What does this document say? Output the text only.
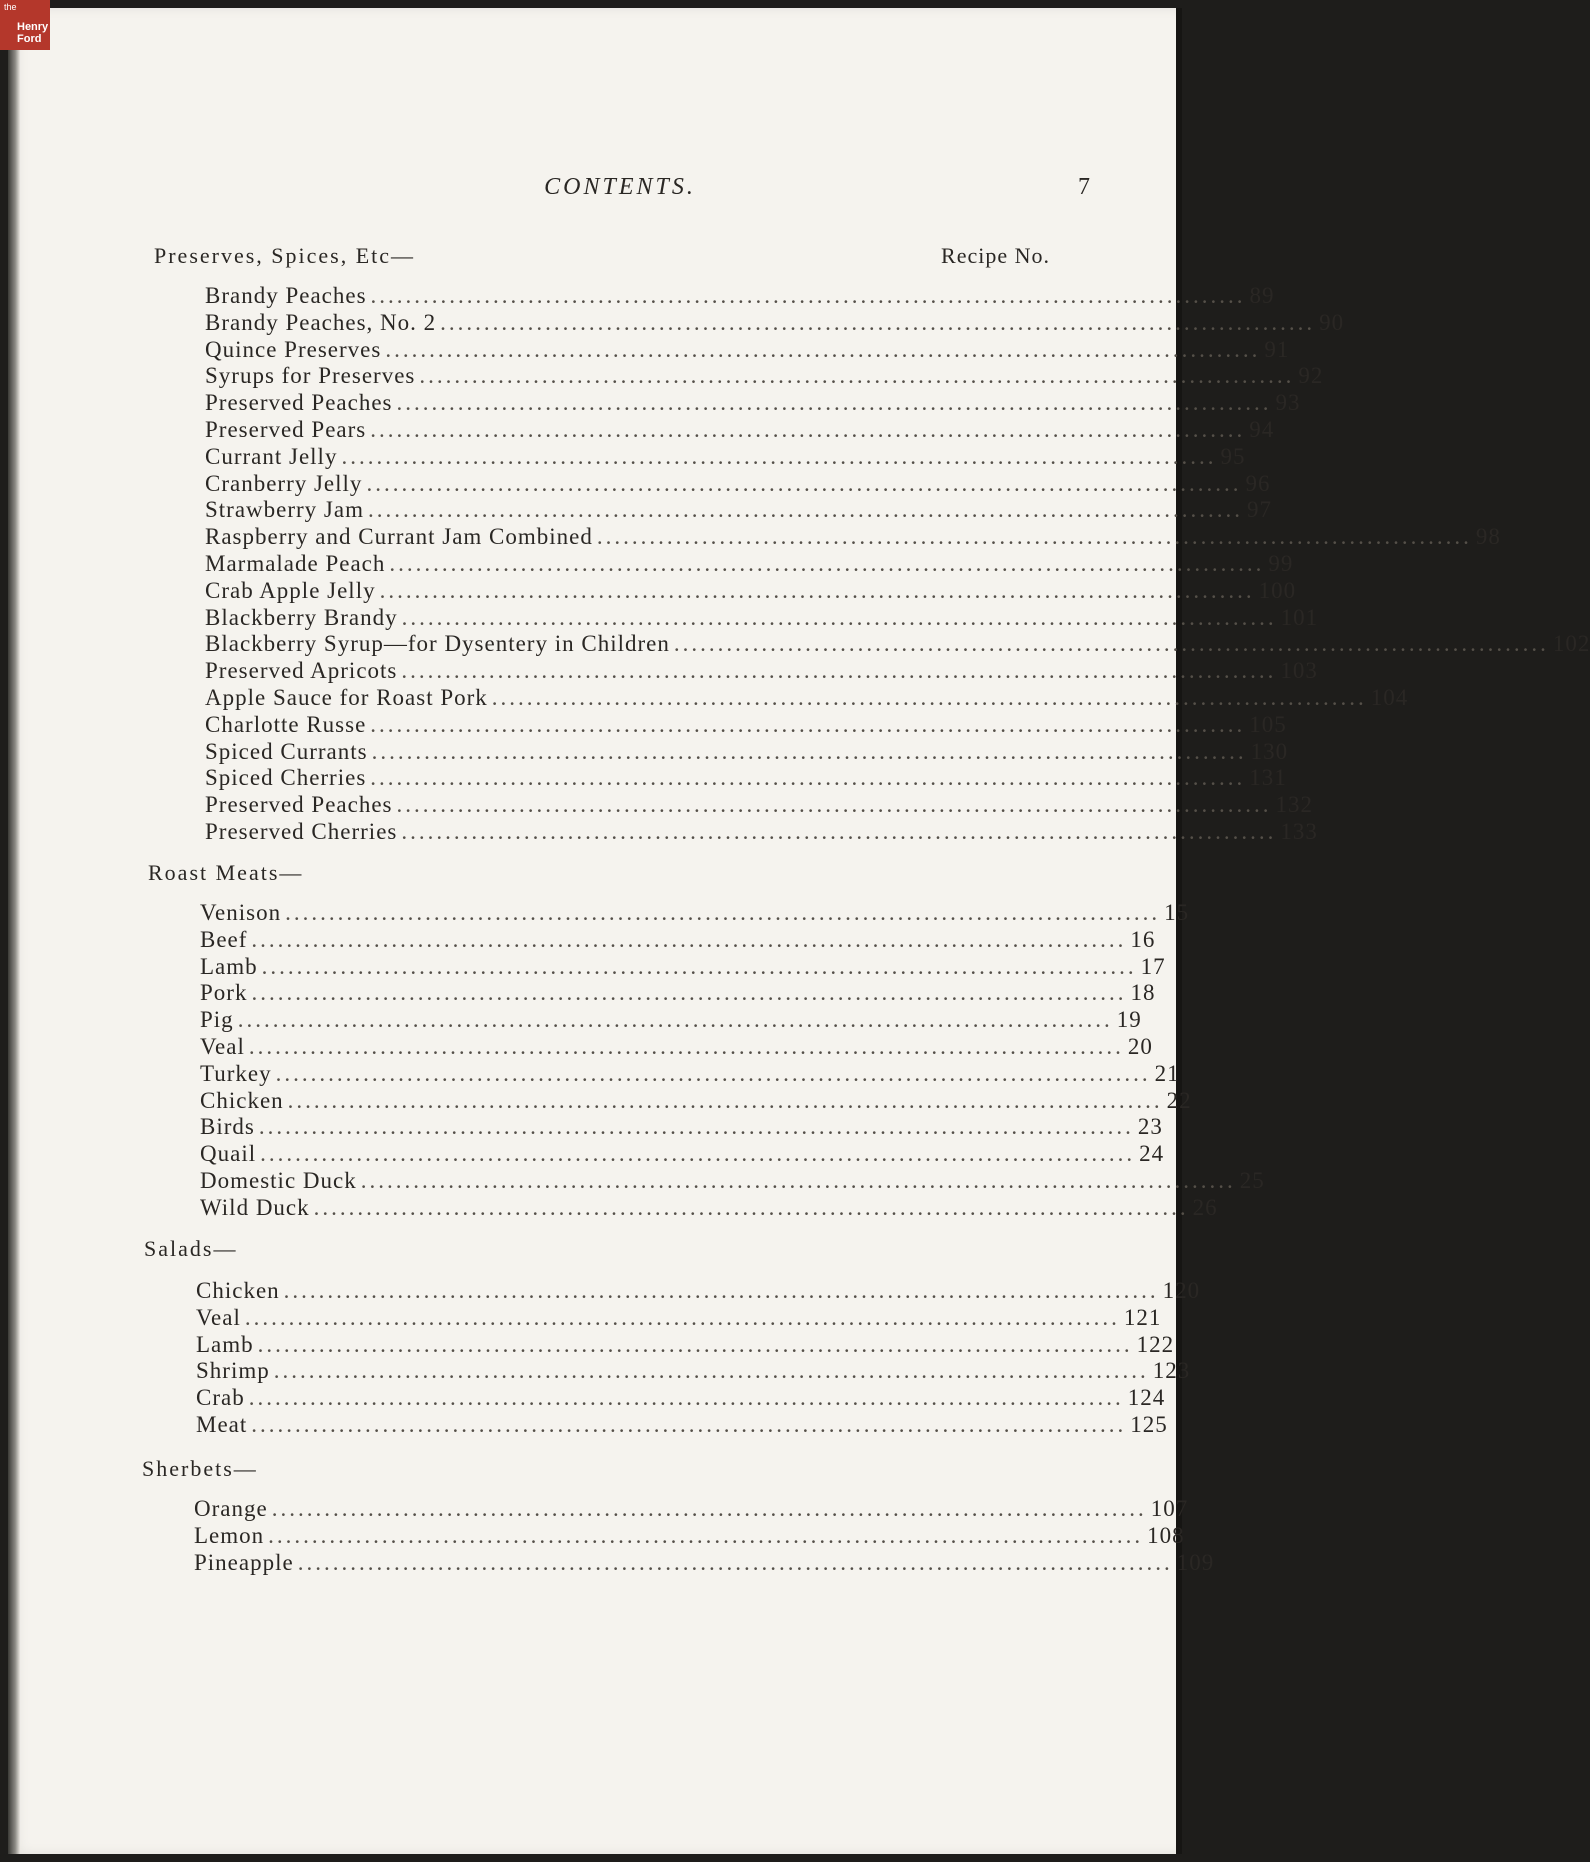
the
Henry
Ford
CONTENTS.	7
Preserves, Spices, Etc—	Recipe No.
Brandy Peaches .................................................................................................... 89
Brandy Peaches, No. 2 .................................................................................................... 90
Quince Preserves .................................................................................................... 91
Syrups for Preserves .................................................................................................... 92
Preserved Peaches .................................................................................................... 93
Preserved Pears .................................................................................................... 94
Currant Jelly .................................................................................................... 95
Cranberry Jelly .................................................................................................... 96
Strawberry Jam .................................................................................................... 97
Raspberry and Currant Jam Combined .................................................................................................... 98
Marmalade Peach .................................................................................................... 99
Crab Apple Jelly .................................................................................................... 100
Blackberry Brandy .................................................................................................... 101
Blackberry Syrup—for Dysentery in Children .................................................................................................... 102
Preserved Apricots .................................................................................................... 103
Apple Sauce for Roast Pork .................................................................................................... 104
Charlotte Russe .................................................................................................... 105
Spiced Currants .................................................................................................... 130
Spiced Cherries .................................................................................................... 131
Preserved Peaches .................................................................................................... 132
Preserved Cherries .................................................................................................... 133
Roast Meats—
Venison .................................................................................................... 15
Beef .................................................................................................... 16
Lamb .................................................................................................... 17
Pork .................................................................................................... 18
Pig .................................................................................................... 19
Veal .................................................................................................... 20
Turkey .................................................................................................... 21
Chicken .................................................................................................... 22
Birds .................................................................................................... 23
Quail .................................................................................................... 24
Domestic Duck .................................................................................................... 25
Wild Duck .................................................................................................... 26
Salads—
Chicken .................................................................................................... 120
Veal .................................................................................................... 121
Lamb .................................................................................................... 122
Shrimp .................................................................................................... 123
Crab .................................................................................................... 124
Meat .................................................................................................... 125
Sherbets—
Orange .................................................................................................... 107
Lemon .................................................................................................... 108
Pineapple .................................................................................................... 109
